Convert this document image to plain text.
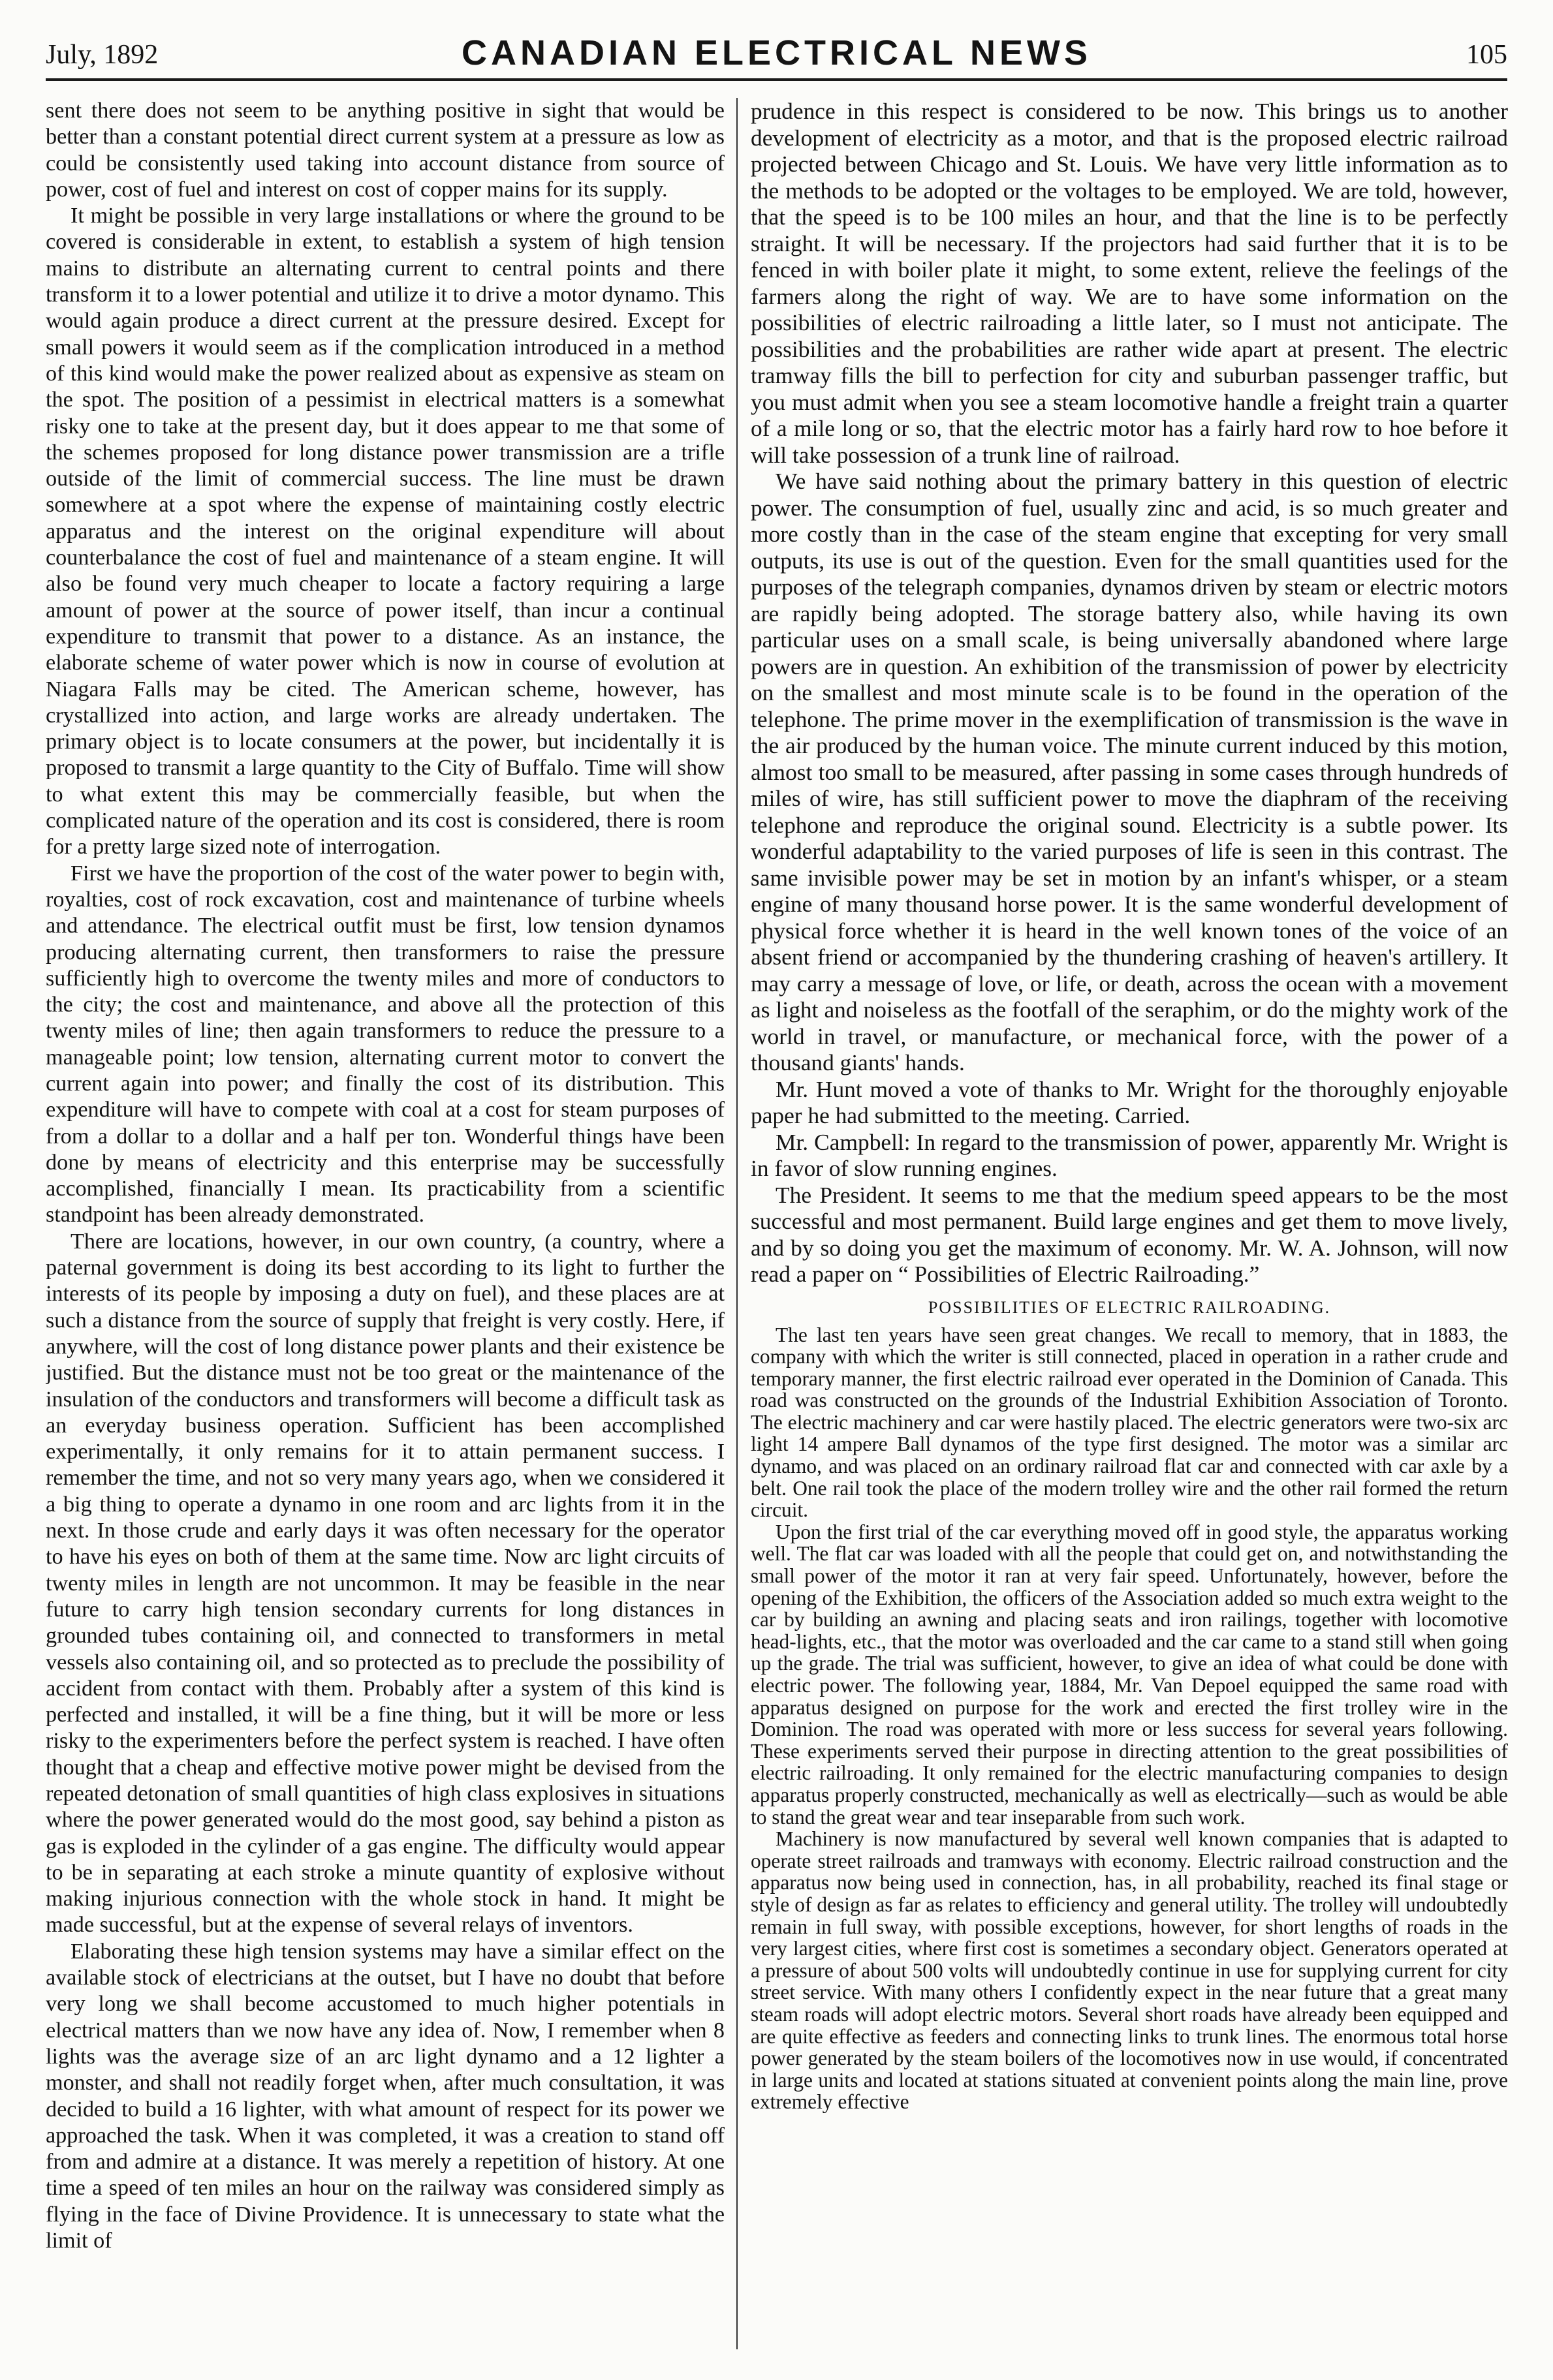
July, 1892	CANADIAN ELECTRICAL NEWS	105

sent there does not seem to be anything positive in sight that would be better than a constant potential direct current system at a pressure as low as could be consistently used taking into account distance from source of power, cost of fuel and interest on cost of copper mains for its supply.

It might be possible in very large installations or where the ground to be covered is considerable in extent, to establish a system of high tension mains to distribute an alternating current to central points and there transform it to a lower potential and utilize it to drive a motor dynamo. This would again produce a direct current at the pressure desired. Except for small powers it would seem as if the complication introduced in a method of this kind would make the power realized about as expensive as steam on the spot. The position of a pessimist in electrical matters is a somewhat risky one to take at the present day, but it does appear to me that some of the schemes proposed for long distance power transmission are a trifle outside of the limit of commercial success. The line must be drawn somewhere at a spot where the expense of maintaining costly electric apparatus and the interest on the original expenditure will about counterbalance the cost of fuel and maintenance of a steam engine. It will also be found very much cheaper to locate a factory requiring a large amount of power at the source of power itself, than incur a continual expenditure to transmit that power to a distance. As an instance, the elaborate scheme of water power which is now in course of evolution at Niagara Falls may be cited. The American scheme, however, has crystallized into action, and large works are already undertaken. The primary object is to locate consumers at the power, but incidentally it is proposed to transmit a large quantity to the City of Buffalo. Time will show to what extent this may be commercially feasible, but when the complicated nature of the operation and its cost is considered, there is room for a pretty large sized note of interrogation.

First we have the proportion of the cost of the water power to begin with, royalties, cost of rock excavation, cost and maintenance of turbine wheels and attendance. The electrical outfit must be first, low tension dynamos producing alternating current, then transformers to raise the pressure sufficiently high to overcome the twenty miles and more of conductors to the city; the cost and maintenance, and above all the protection of this twenty miles of line; then again transformers to reduce the pressure to a manageable point; low tension, alternating current motor to convert the current again into power; and finally the cost of its distribution. This expenditure will have to compete with coal at a cost for steam purposes of from a dollar to a dollar and a half per ton. Wonderful things have been done by means of electricity and this enterprise may be successfully accomplished, financially I mean. Its practicability from a scientific standpoint has been already demonstrated.

There are locations, however, in our own country, (a country, where a paternal government is doing its best according to its light to further the interests of its people by imposing a duty on fuel), and these places are at such a distance from the source of supply that freight is very costly. Here, if anywhere, will the cost of long distance power plants and their existence be justified. But the distance must not be too great or the maintenance of the insulation of the conductors and transformers will become a difficult task as an everyday business operation. Sufficient has been accomplished experimentally, it only remains for it to attain permanent success. I remember the time, and not so very many years ago, when we considered it a big thing to operate a dynamo in one room and arc lights from it in the next. In those crude and early days it was often necessary for the operator to have his eyes on both of them at the same time. Now arc light circuits of twenty miles in length are not uncommon. It may be feasible in the near future to carry high tension secondary currents for long distances in grounded tubes containing oil, and connected to transformers in metal vessels also containing oil, and so protected as to preclude the possibility of accident from contact with them. Probably after a system of this kind is perfected and installed, it will be a fine thing, but it will be more or less risky to the experimenters before the perfect system is reached. I have often thought that a cheap and effective motive power might be devised from the repeated detonation of small quantities of high class explosives in situations where the power generated would do the most good, say behind a piston as gas is exploded in the cylinder of a gas engine. The difficulty would appear to be in separating at each stroke a minute quantity of explosive without making injurious connection with the whole stock in hand. It might be made successful, but at the expense of several relays of inventors.

Elaborating these high tension systems may have a similar effect on the available stock of electricians at the outset, but I have no doubt that before very long we shall become accustomed to much higher potentials in electrical matters than we now have any idea of. Now, I remember when 8 lights was the average size of an arc light dynamo and a 12 lighter a monster, and shall not readily forget when, after much consultation, it was decided to build a 16 lighter, with what amount of respect for its power we approached the task. When it was completed, it was a creation to stand off from and admire at a distance. It was merely a repetition of history. At one time a speed of ten miles an hour on the railway was considered simply as flying in the face of Divine Providence. It is unnecessary to state what the limit of

prudence in this respect is considered to be now. This brings us to another development of electricity as a motor, and that is the proposed electric railroad projected between Chicago and St. Louis. We have very little information as to the methods to be adopted or the voltages to be employed. We are told, however, that the speed is to be 100 miles an hour, and that the line is to be perfectly straight. It will be necessary. If the projectors had said further that it is to be fenced in with boiler plate it might, to some extent, relieve the feelings of the farmers along the right of way. We are to have some information on the possibilities of electric railroading a little later, so I must not anticipate. The possibilities and the probabilities are rather wide apart at present. The electric tramway fills the bill to perfection for city and suburban passenger traffic, but you must admit when you see a steam locomotive handle a freight train a quarter of a mile long or so, that the electric motor has a fairly hard row to hoe before it will take possession of a trunk line of railroad.

We have said nothing about the primary battery in this question of electric power. The consumption of fuel, usually zinc and acid, is so much greater and more costly than in the case of the steam engine that excepting for very small outputs, its use is out of the question. Even for the small quantities used for the purposes of the telegraph companies, dynamos driven by steam or electric motors are rapidly being adopted. The storage battery also, while having its own particular uses on a small scale, is being universally abandoned where large powers are in question. An exhibition of the transmission of power by electricity on the smallest and most minute scale is to be found in the operation of the telephone. The prime mover in the exemplification of transmission is the wave in the air produced by the human voice. The minute current induced by this motion, almost too small to be measured, after passing in some cases through hundreds of miles of wire, has still sufficient power to move the diaphram of the receiving telephone and reproduce the original sound. Electricity is a subtle power. Its wonderful adaptability to the varied purposes of life is seen in this contrast. The same invisible power may be set in motion by an infant's whisper, or a steam engine of many thousand horse power. It is the same wonderful development of physical force whether it is heard in the well known tones of the voice of an absent friend or accompanied by the thundering crashing of heaven's artillery. It may carry a message of love, or life, or death, across the ocean with a movement as light and noiseless as the footfall of the seraphim, or do the mighty work of the world in travel, or manufacture, or mechanical force, with the power of a thousand giants' hands.

Mr. Hunt moved a vote of thanks to Mr. Wright for the thoroughly enjoyable paper he had submitted to the meeting. Carried.

Mr. Campbell: In regard to the transmission of power, apparently Mr. Wright is in favor of slow running engines.

The President. It seems to me that the medium speed appears to be the most successful and most permanent. Build large engines and get them to move lively, and by so doing you get the maximum of economy. Mr. W. A. Johnson, will now read a paper on “ Possibilities of Electric Railroading.”

POSSIBILITIES OF ELECTRIC RAILROADING.

The last ten years have seen great changes. We recall to memory, that in 1883, the company with which the writer is still connected, placed in operation in a rather crude and temporary manner, the first electric railroad ever operated in the Dominion of Canada. This road was constructed on the grounds of the Industrial Exhibition Association of Toronto. The electric machinery and car were hastily placed. The electric generators were two-six arc light 14 ampere Ball dynamos of the type first designed. The motor was a similar arc dynamo, and was placed on an ordinary railroad flat car and connected with car axle by a belt. One rail took the place of the modern trolley wire and the other rail formed the return circuit.

Upon the first trial of the car everything moved off in good style, the apparatus working well. The flat car was loaded with all the people that could get on, and notwithstanding the small power of the motor it ran at very fair speed. Unfortunately, however, before the opening of the Exhibition, the officers of the Association added so much extra weight to the car by building an awning and placing seats and iron railings, together with locomotive head-lights, etc., that the motor was overloaded and the car came to a stand still when going up the grade. The trial was sufficient, however, to give an idea of what could be done with electric power. The following year, 1884, Mr. Van Depoel equipped the same road with apparatus designed on purpose for the work and erected the first trolley wire in the Dominion. The road was operated with more or less success for several years following. These experiments served their purpose in directing attention to the great possibilities of electric railroading. It only remained for the electric manufacturing companies to design apparatus properly constructed, mechanically as well as electrically—such as would be able to stand the great wear and tear inseparable from such work.

Machinery is now manufactured by several well known companies that is adapted to operate street railroads and tramways with economy. Electric railroad construction and the apparatus now being used in connection, has, in all probability, reached its final stage or style of design as far as relates to efficiency and general utility. The trolley will undoubtedly remain in full sway, with possible exceptions, however, for short lengths of roads in the very largest cities, where first cost is sometimes a secondary object. Generators operated at a pressure of about 500 volts will undoubtedly continue in use for supplying current for city street service. With many others I confidently expect in the near future that a great many steam roads will adopt electric motors. Several short roads have already been equipped and are quite effective as feeders and connecting links to trunk lines. The enormous total horse power generated by the steam boilers of the locomotives now in use would, if concentrated in large units and located at stations situated at convenient points along the main line, prove extremely effective
